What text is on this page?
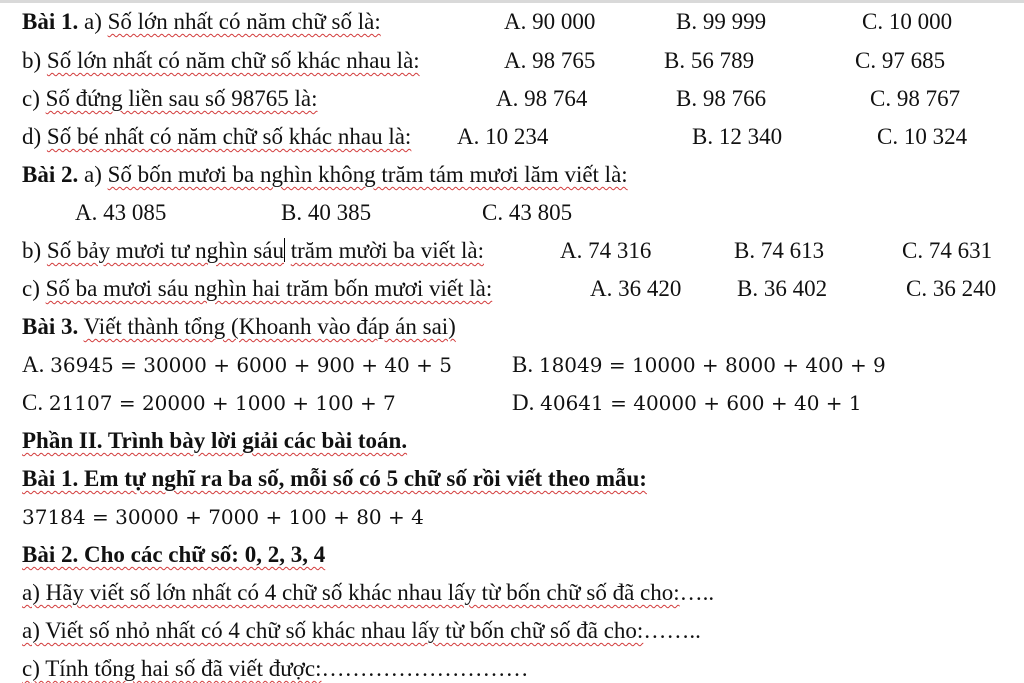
Bài 1. a) Số lớn nhất có năm chữ số là:	A. 90 000	B. 99 999	C. 10 000
b) Số lớn nhất có năm chữ số khác nhau là:	A. 98 765	B. 56 789	C. 97 685
c) Số đứng liền sau số 98765 là:	A. 98 764	B. 98 766	C. 98 767
d) Số bé nhất có năm chữ số khác nhau là: A. 10 234	B. 12 340	C. 10 324
Bài 2. a) Số bốn mươi ba nghìn không trăm tám mươi lăm viết là:
A. 43 085	B. 40 385	C. 43 805
b) Số bảy mươi tư nghìn sáu trăm mười ba viết là:	A. 74 316	B. 74 613	C. 74 631
c) Số ba mươi sáu nghìn hai trăm bốn mươi viết là:	A. 36 420 B. 36 402	C. 36 240
Bài 3. Viết thành tổng (Khoanh vào đáp án sai)
A. 36945 = 30000 + 6000 + 900 + 40 + 5	B. 18049 = 10000 + 8000 + 400 + 9
C. 21107 = 20000 + 1000 + 100 + 7	D. 40641 = 40000 + 600 + 40 + 1
Phần II. Trình bày lời giải các bài toán.
Bài 1. Em tự nghĩ ra ba số, mỗi số có 5 chữ số rồi viết theo mẫu:
37184 = 30000 + 7000 + 100 + 80 + 4
Bài 2. Cho các chữ số: 0, 2, 3, 4
a) Hãy viết số lớn nhất có 4 chữ số khác nhau lấy từ bốn chữ số đã cho:…..
a) Viết số nhỏ nhất có 4 chữ số khác nhau lấy từ bốn chữ số đã cho:……..
c) Tính tổng hai số đã viết được:………………………
